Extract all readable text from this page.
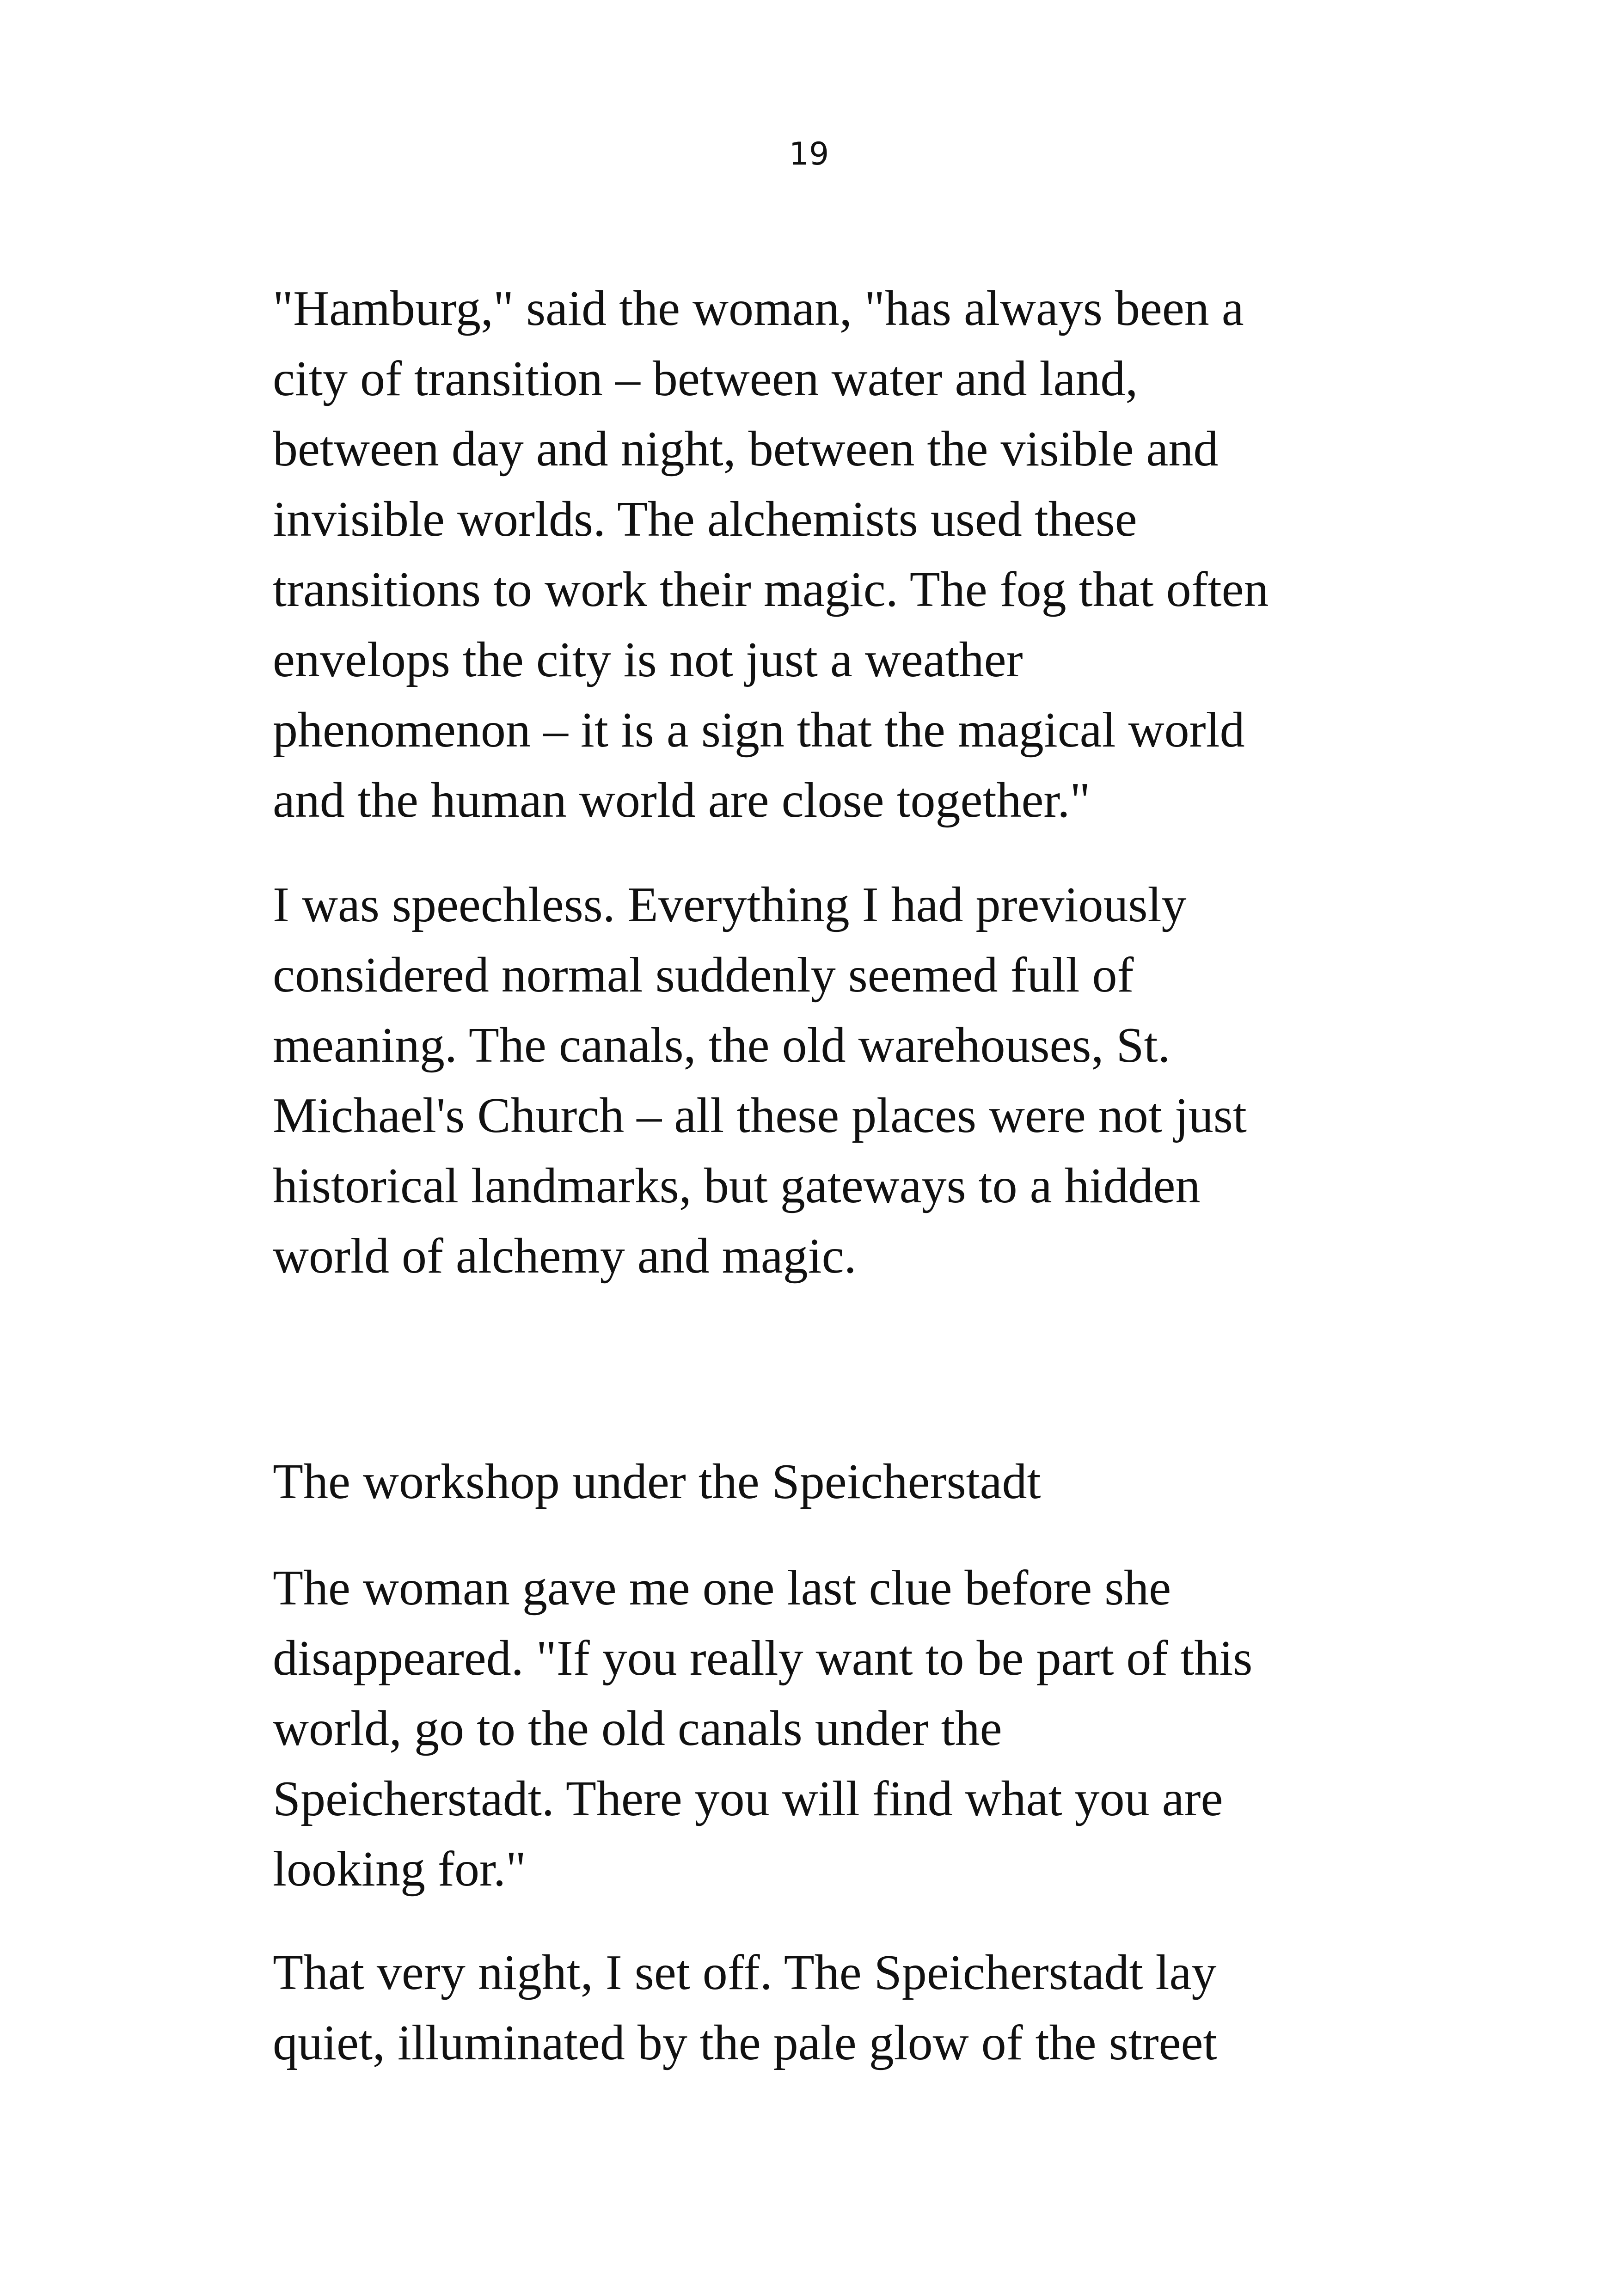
19

"Hamburg," said the woman, "has always been a
city of transition – between water and land,
between day and night, between the visible and
invisible worlds. The alchemists used these
transitions to work their magic. The fog that often
envelops the city is not just a weather
phenomenon – it is a sign that the magical world
and the human world are close together."

I was speechless. Everything I had previously
considered normal suddenly seemed full of
meaning. The canals, the old warehouses, St.
Michael's Church – all these places were not just
historical landmarks, but gateways to a hidden
world of alchemy and magic.

The workshop under the Speicherstadt

The woman gave me one last clue before she
disappeared. "If you really want to be part of this
world, go to the old canals under the
Speicherstadt. There you will find what you are
looking for."

That very night, I set off. The Speicherstadt lay
quiet, illuminated by the pale glow of the street
